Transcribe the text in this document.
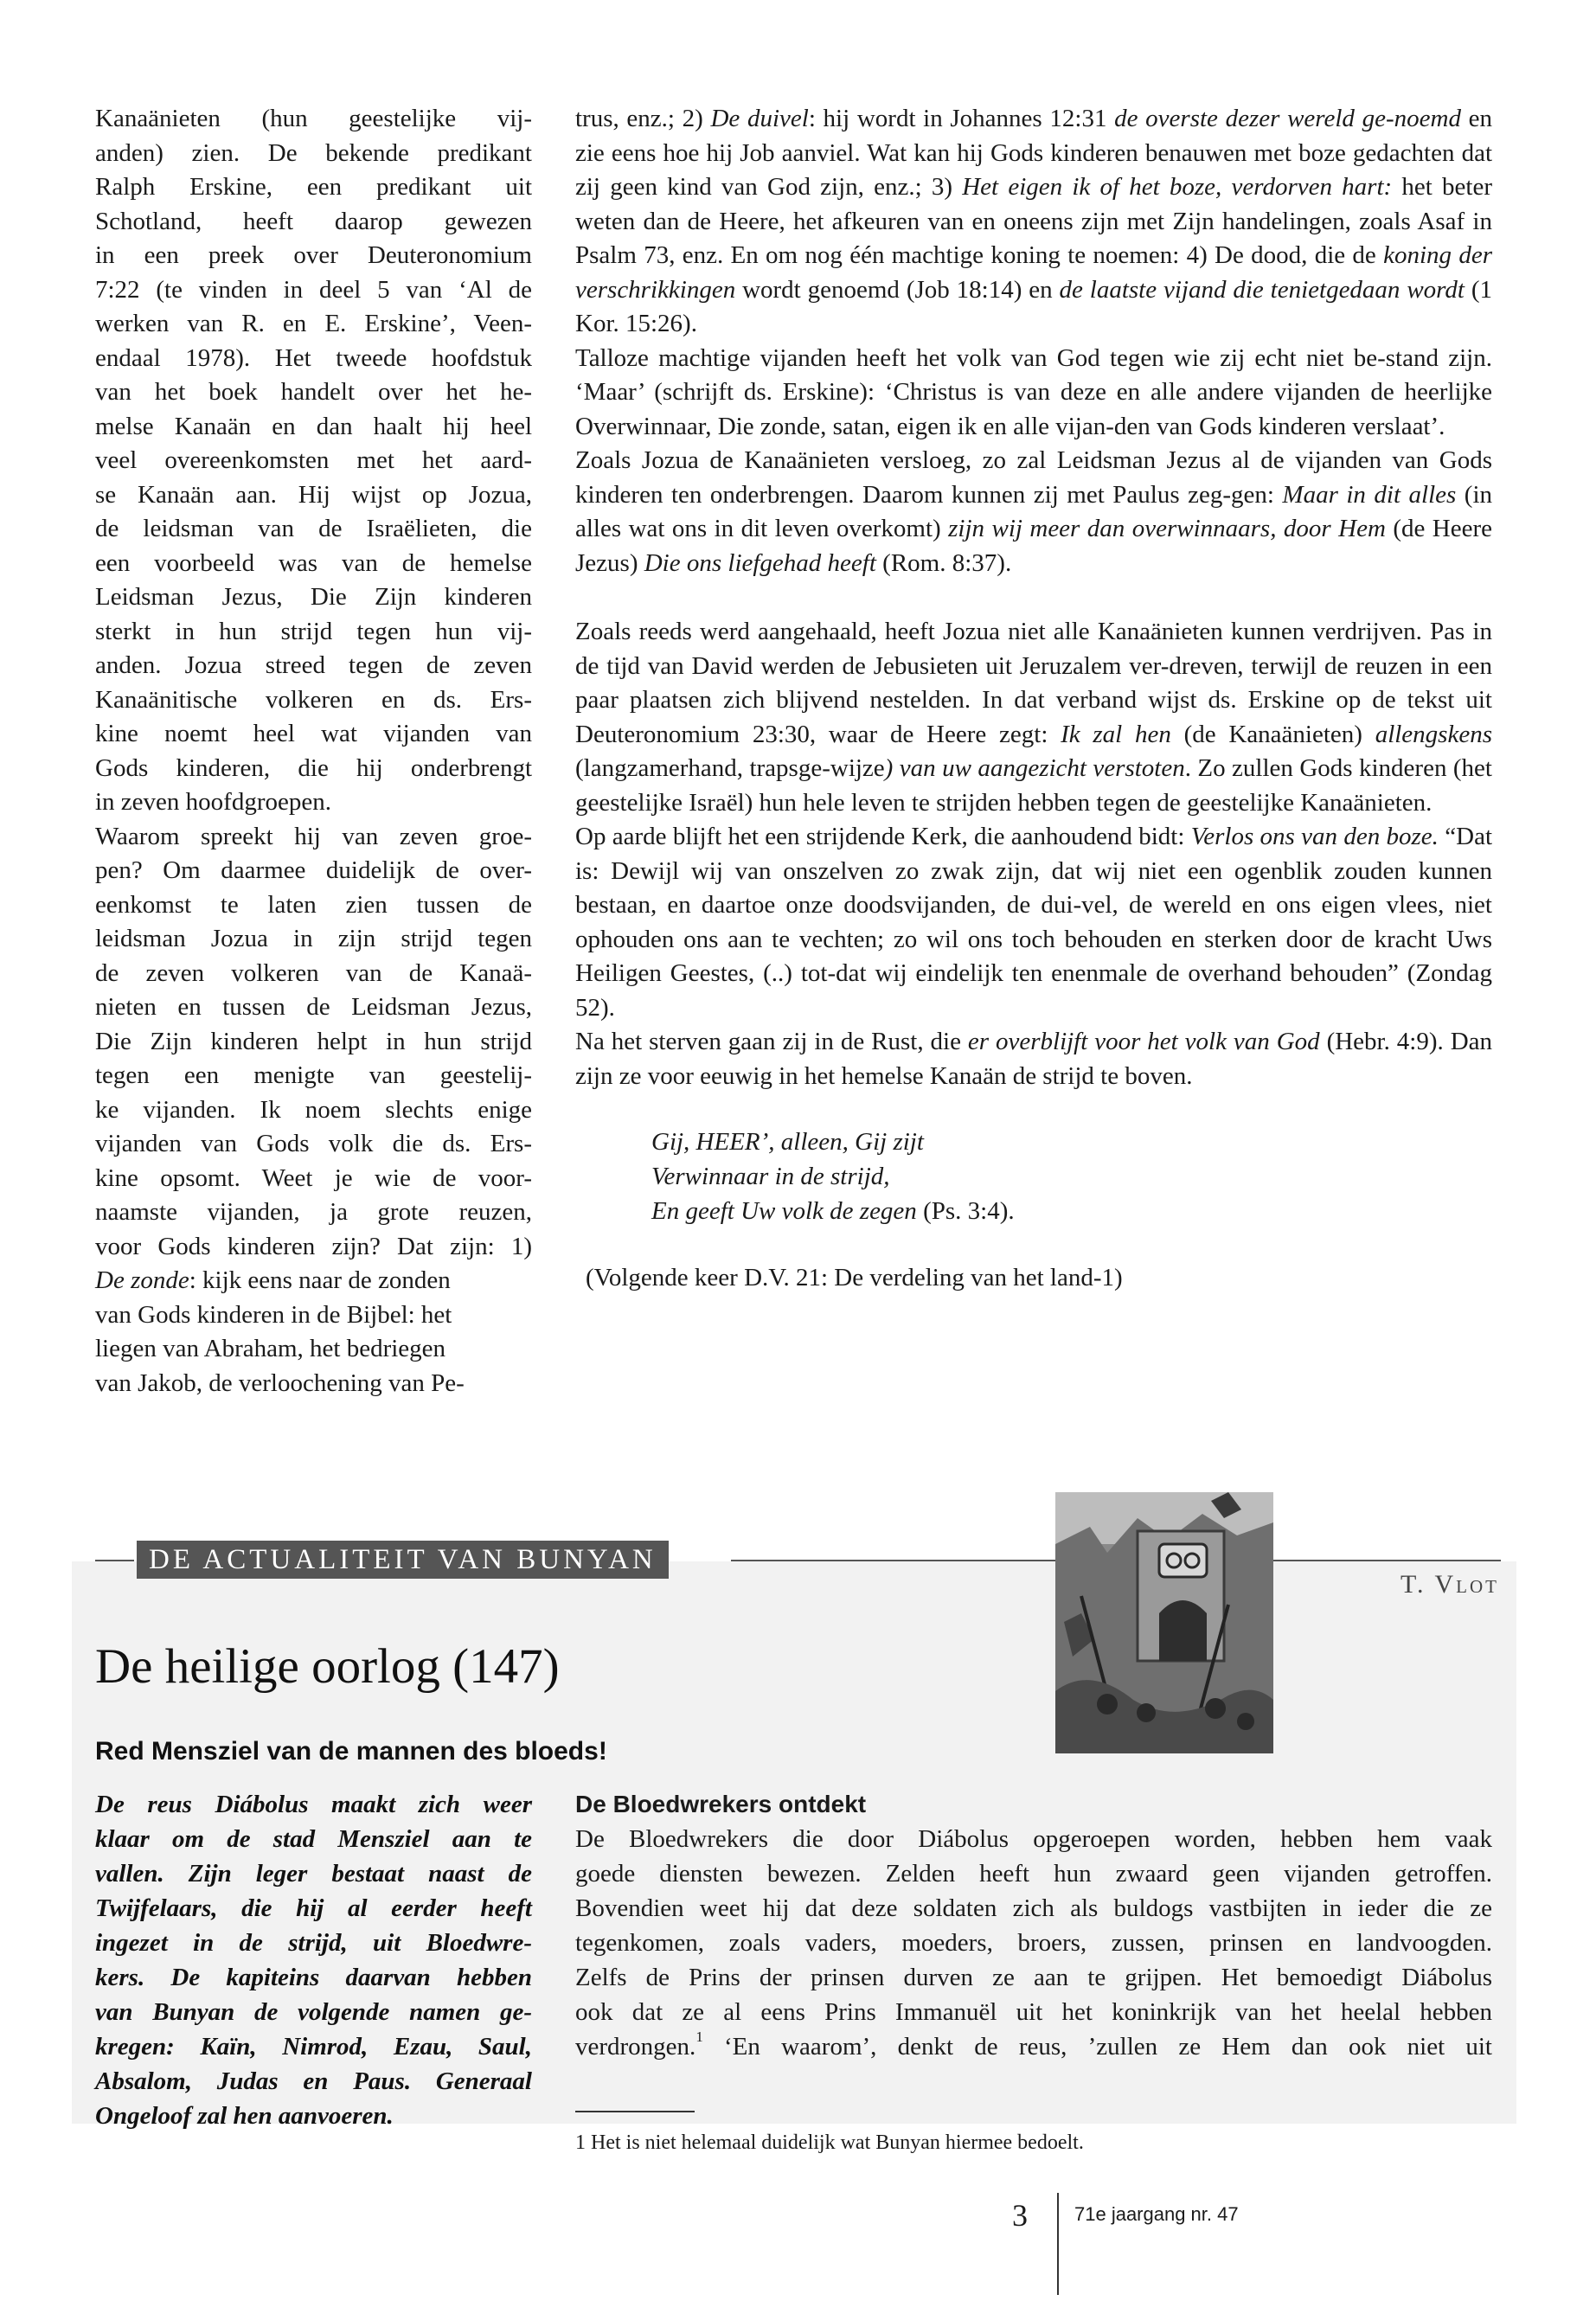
Kanaänieten (hun geestelijke vij-
anden) zien. De bekende predikant
Ralph Erskine, een predikant uit
Schotland, heeft daarop gewezen
in een preek over Deuteronomium
7:22 (te vinden in deel 5 van ‘Al de
werken van R. en E. Erskine’, Veen-
endaal 1978). Het tweede hoofdstuk
van het boek handelt over het he-
melse Kanaän en dan haalt hij heel
veel overeenkomsten met het aard-
se Kanaän aan. Hij wijst op Jozua,
de leidsman van de Israëlieten, die
een voorbeeld was van de hemelse
Leidsman Jezus, Die Zijn kinderen
sterkt in hun strijd tegen hun vij-
anden. Jozua streed tegen de zeven
Kanaänitische volkeren en ds. Ers-
kine noemt heel wat vijanden van
Gods kinderen, die hij onderbrengt
in zeven hoofdgroepen.
Waarom spreekt hij van zeven groe-
pen? Om daarmee duidelijk de over-
eenkomst te laten zien tussen de
leidsman Jozua in zijn strijd tegen
de zeven volkeren van de Kanaä-
nieten en tussen de Leidsman Jezus,
Die Zijn kinderen helpt in hun strijd
tegen een menigte van geestelij-
ke vijanden. Ik noem slechts enige
vijanden van Gods volk die ds. Ers-
kine opsomt. Weet je wie de voor-
naamste vijanden, ja grote reuzen,
voor Gods kinderen zijn? Dat zijn: 1)

De zonde: kijk eens naar de zonden
van Gods kinderen in de Bijbel: het
liegen van Abraham, het bedriegen
van Jakob, de verloochening van Pe-

trus, enz.; 2) De duivel: hij wordt in Johannes 12:31 de overste dezer wereld ge-noemd en zie eens hoe hij Job aanviel. Wat kan hij Gods kinderen benauwen met boze gedachten dat zij geen kind van God zijn, enz.; 3) Het eigen ik of het boze, verdorven hart: het beter weten dan de Heere, het afkeuren van en oneens zijn met Zijn handelingen, zoals Asaf in Psalm 73, enz. En om nog één machtige koning te noemen: 4) De dood, die de koning der verschrikkingen wordt genoemd (Job 18:14) en de laatste vijand die tenietgedaan wordt (1 Kor. 15:26).

Talloze machtige vijanden heeft het volk van God tegen wie zij echt niet be-stand zijn. ‘Maar’ (schrijft ds. Erskine): ‘Christus is van deze en alle andere vijanden de heerlijke Overwinnaar, Die zonde, satan, eigen ik en alle vijan-den van Gods kinderen verslaat’.

Zoals Jozua de Kanaänieten versloeg, zo zal Leidsman Jezus al de vijanden van Gods kinderen ten onderbrengen. Daarom kunnen zij met Paulus zeg-gen: Maar in dit alles (in alles wat ons in dit leven overkomt) zijn wij meer dan overwinnaars, door Hem (de Heere Jezus) Die ons liefgehad heeft (Rom. 8:37).

Zoals reeds werd aangehaald, heeft Jozua niet alle Kanaänieten kunnen verdrijven. Pas in de tijd van David werden de Jebusieten uit Jeruzalem ver-dreven, terwijl de reuzen in een paar plaatsen zich blijvend nestelden. In dat verband wijst ds. Erskine op de tekst uit Deuteronomium 23:30, waar de Heere zegt: Ik zal hen (de Kanaänieten) allengskens (langzamerhand, trapsge-wijze) van uw aangezicht verstoten. Zo zullen Gods kinderen (het geestelijke Israël) hun hele leven te strijden hebben tegen de geestelijke Kanaänieten.

Op aarde blijft het een strijdende Kerk, die aanhoudend bidt: Verlos ons van den boze. “Dat is: Dewijl wij van onszelven zo zwak zijn, dat wij niet een ogenblik zouden kunnen bestaan, en daartoe onze doodsvijanden, de dui-vel, de wereld en ons eigen vlees, niet ophouden ons aan te vechten; zo wil ons toch behouden en sterken door de kracht Uws Heiligen Geestes, (..) tot-dat wij eindelijk ten enenmale de overhand behouden” (Zondag 52).

Na het sterven gaan zij in de Rust, die er overblijft voor het volk van God (Hebr. 4:9). Dan zijn ze voor eeuwig in het hemelse Kanaän de strijd te boven.

Gij, HEER’, alleen, Gij zijt
Verwinnaar in de strijd,
En geeft Uw volk de zegen (Ps. 3:4).
(Volgende keer D.V. 21: De verdeling van het land-1)
DE ACTUALITEIT VAN BUNYAN
T. Vlot
De heilige oorlog (147)
Red Mensziel van de mannen des bloeds!
De reus Diábolus maakt zich weer
klaar om de stad Mensziel aan te
vallen. Zijn leger bestaat naast de
Twijfelaars, die hij al eerder heeft
ingezet in de strijd, uit Bloedwre-
kers. De kapiteins daarvan hebben
van Bunyan de volgende namen ge-
kregen: Kaïn, Nimrod, Ezau, Saul,
Absalom, Judas en Paus. Generaal
Ongeloof zal hen aanvoeren.
De Bloedwrekers ontdekt
De Bloedwrekers die door Diábolus opgeroepen worden, hebben hem vaak
goede diensten bewezen. Zelden heeft hun zwaard geen vijanden getroffen.
Bovendien weet hij dat deze soldaten zich als buldogs vastbijten in ieder die ze
tegenkomen, zoals vaders, moeders, broers, zussen, prinsen en landvoogden.
Zelfs de Prins der prinsen durven ze aan te grijpen. Het bemoedigt Diábolus
ook dat ze al eens Prins Immanuël uit het koninkrijk van het heelal hebben
verdrongen.$^1$ ‘En waarom’, denkt de reus, ’zullen ze Hem dan ook niet uit
1 Het is niet helemaal duidelijk wat Bunyan hiermee bedoelt.
3 71e jaargang nr. 47
